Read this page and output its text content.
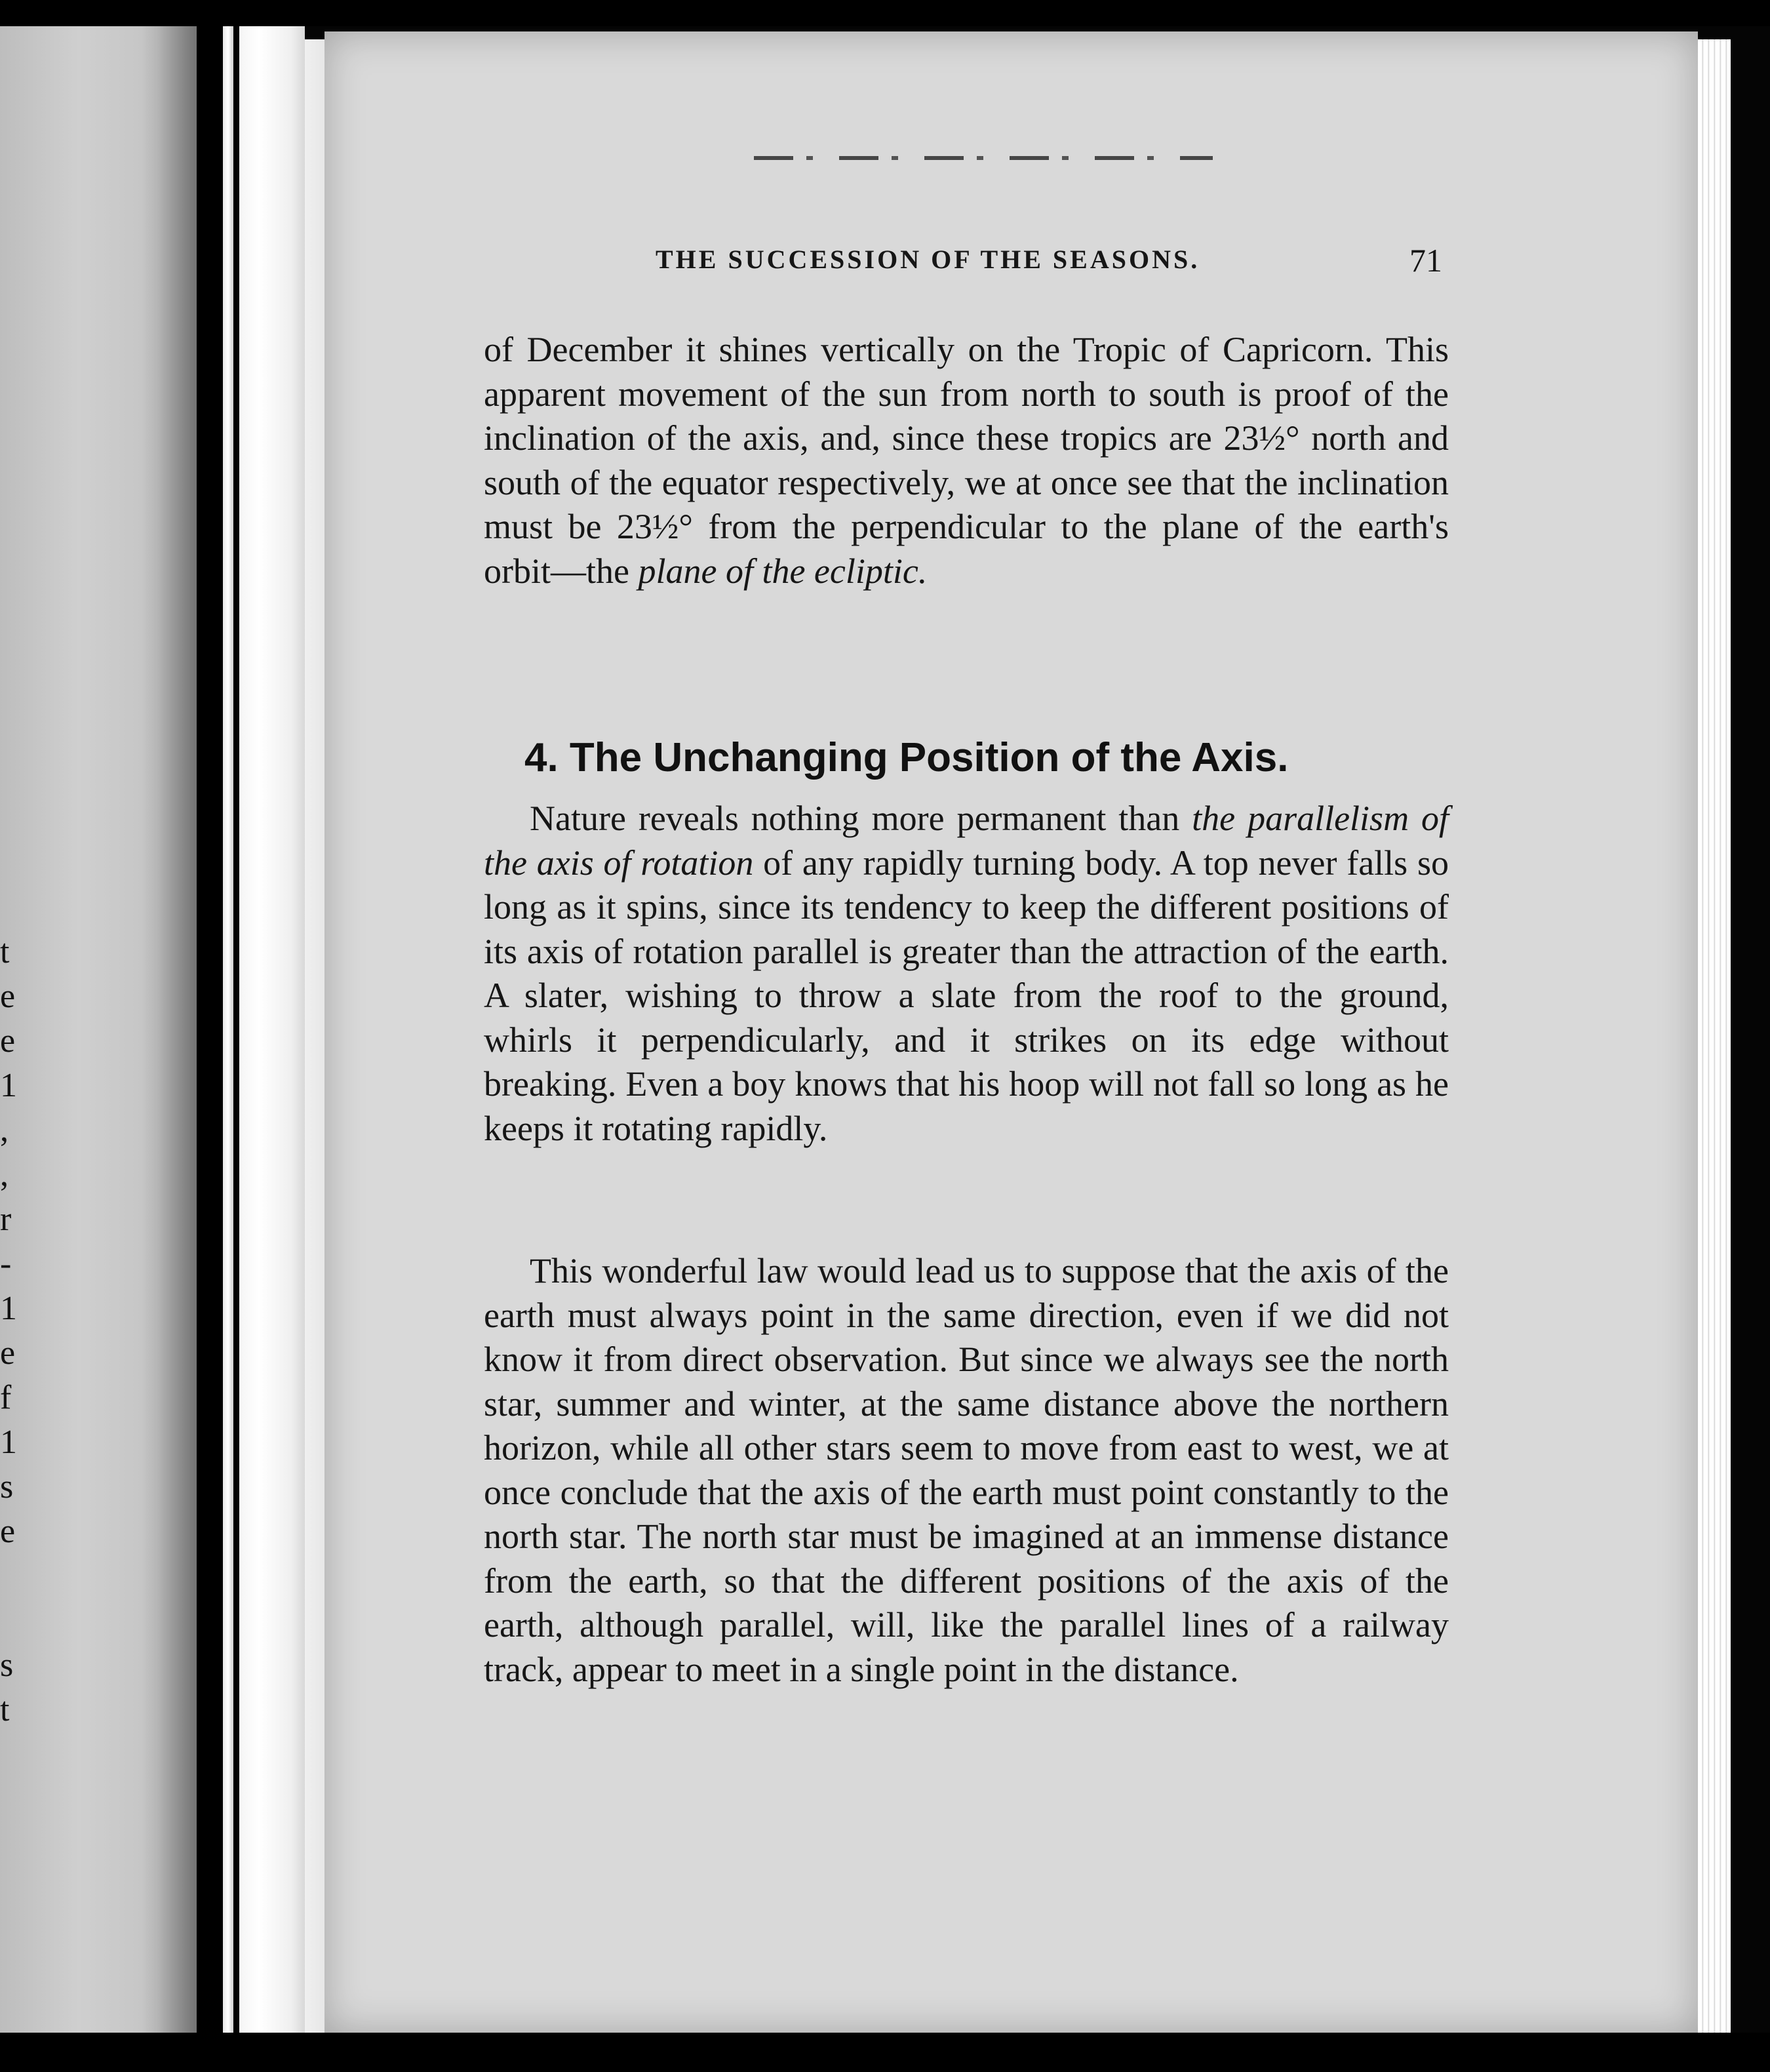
t
e
e
1
,
,
r
-
1
e
f
1
s
e
s
t
THE SUCCESSION OF THE SEASONS.	71

of December it shines vertically on the Tropic of Capricorn. This apparent movement of the sun from north to south is proof of the inclination of the axis, and, since these tropics are 23½° north and south of the equator respectively, we at once see that the inclination must be 23½° from the perpendicular to the plane of the earth's orbit—the plane of the ecliptic.

4. The Unchanging Position of the Axis.

Nature reveals nothing more permanent than the parallelism of the axis of rotation of any rapidly turning body. A top never falls so long as it spins, since its tendency to keep the different positions of its axis of rotation parallel is greater than the attraction of the earth. A slater, wishing to throw a slate from the roof to the ground, whirls it perpendicularly, and it strikes on its edge without breaking. Even a boy knows that his hoop will not fall so long as he keeps it rotating rapidly.

This wonderful law would lead us to suppose that the axis of the earth must always point in the same direction, even if we did not know it from direct observation. But since we always see the north star, summer and winter, at the same distance above the northern horizon, while all other stars seem to move from east to west, we at once conclude that the axis of the earth must point constantly to the north star. The north star must be imagined at an immense distance from the earth, so that the different positions of the axis of the earth, although parallel, will, like the parallel lines of a railway track, appear to meet in a single point in the distance.
